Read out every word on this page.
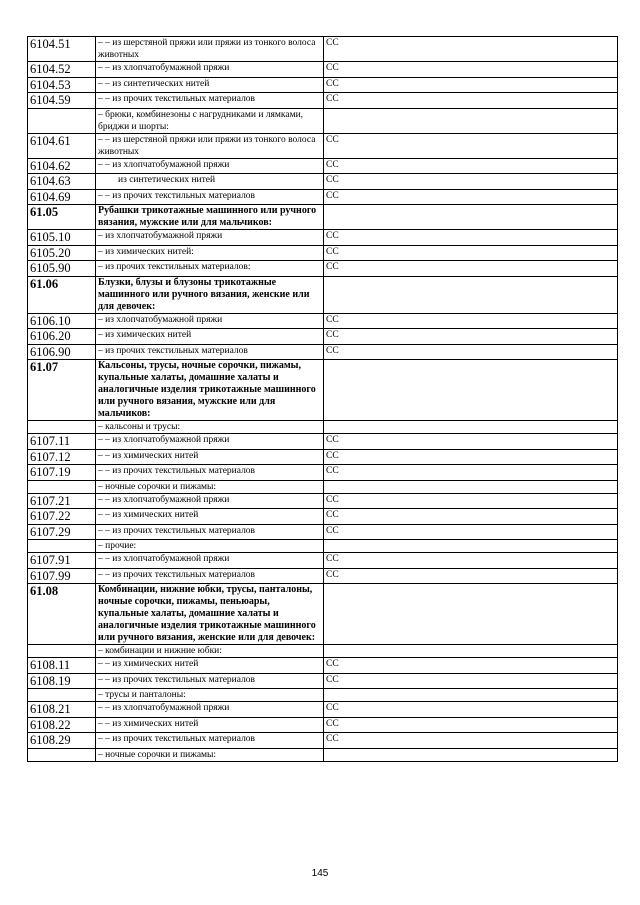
6104.51	– – из шерстяной пряжи или пряжи из тонкого волоса животных	СС
6104.52	– – из хлопчатобумажной пряжи	СС
6104.53	– – из синтетических нитей	СС
6104.59	– – из прочих текстильных материалов	СС
	– брюки, комбинезоны с нагрудниками и лямками, бриджи и шорты:	
6104.61	– – из шерстяной пряжи или пряжи из тонкого волоса животных	СС
6104.62	– – из хлопчатобумажной пряжи	СС
6104.63	из синтетических нитей	СС
6104.69	– – из прочих текстильных материалов	СС
61.05	Рубашки трикотажные машинного или ручного вязания, мужские или для мальчиков:	
6105.10	– из хлопчатобумажной пряжи	СС
6105.20	– из химических нитей:	СС
6105.90	– из прочих текстильных материалов:	СС
61.06	Блузки, блузы и блузоны трикотажные машинного или ручного вязания, женские или для девочек:	
6106.10	– из хлопчатобумажной пряжи	СС
6106.20	– из химических нитей	СС
6106.90	– из прочих текстильных материалов	СС
61.07	Кальсоны, трусы, ночные сорочки, пижамы, купальные халаты, домашние халаты и аналогичные изделия трикотажные машинного или ручного вязания, мужские или для мальчиков:	
	– кальсоны и трусы:	
6107.11	– – из хлопчатобумажной пряжи	СС
6107.12	– – из химических нитей	СС
6107.19	– – из прочих текстильных материалов	СС
	– ночные сорочки и пижамы:	
6107.21	– – из хлопчатобумажной пряжи	СС
6107.22	– – из химических нитей	СС
6107.29	– – из прочих текстильных материалов	СС
	– прочие:	
6107.91	– – из хлопчатобумажной пряжи	СС
6107.99	– – из прочих текстильных материалов	СС
61.08	Комбинации, нижние юбки, трусы, панталоны, ночные сорочки, пижамы, пеньюары, купальные халаты, домашние халаты и аналогичные изделия трикотажные машинного или ручного вязания, женские или для девочек:	
	– комбинации и нижние юбки:	
6108.11	– – из химических нитей	СС
6108.19	– – из прочих текстильных материалов	СС
	– трусы и панталоны:	
6108.21	– – из хлопчатобумажной пряжи	СС
6108.22	– – из химических нитей	СС
6108.29	– – из прочих текстильных материалов	СС
	– ночные сорочки и пижамы:	
145
